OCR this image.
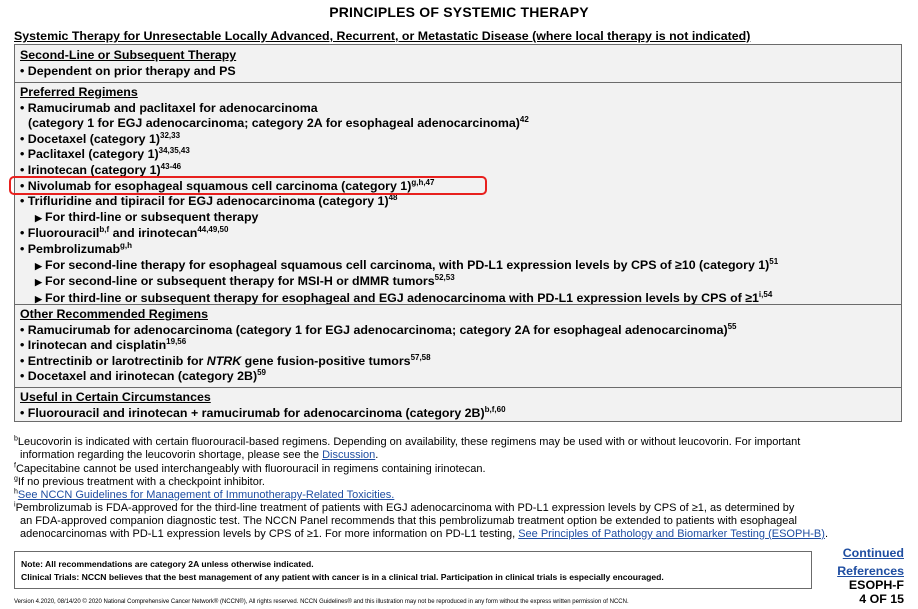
PRINCIPLES OF SYSTEMIC THERAPY
Systemic Therapy for Unresectable Locally Advanced, Recurrent, or Metastatic Disease (where local therapy is not indicated)
Second-Line or Subsequent Therapy
• Dependent on prior therapy and PS
Preferred Regimens
• Ramucirumab and paclitaxel for adenocarcinoma
(category 1 for EGJ adenocarcinoma; category 2A for esophageal adenocarcinoma)$^{42}$
• Docetaxel (category 1)$^{32,33}$
• Paclitaxel (category 1)$^{34,35,43}$
• Irinotecan (category 1)$^{43-46}$
• Nivolumab for esophageal squamous cell carcinoma (category 1)$^{g,h,47}$
• Trifluridine and tipiracil for EGJ adenocarcinoma (category 1)$^{48}$
▶ For third-line or subsequent therapy
• Fluorouracil$^{b,f}$ and irinotecan$^{44,49,50}$
• Pembrolizumab$^{g,h}$
▶ For second-line therapy for esophageal squamous cell carcinoma, with PD-L1 expression levels by CPS of ≥10 (category 1)$^{51}$
▶ For second-line or subsequent therapy for MSI-H or dMMR tumors$^{52,53}$
▶ For third-line or subsequent therapy for esophageal and EGJ adenocarcinoma with PD-L1 expression levels by CPS of $\ge 1^{i,54}$
Other Recommended Regimens
• Ramucirumab for adenocarcinoma (category 1 for EGJ adenocarcinoma; category 2A for esophageal adenocarcinoma)$^{55}$
• Irinotecan and cisplatin$^{19,56}$
• Entrectinib or larotrectinib for NTRK gene fusion-positive tumors$^{57,58}$
• Docetaxel and irinotecan (category 2B)$^{59}$
Useful in Certain Circumstances
• Fluorouracil and irinotecan + ramucirumab for adenocarcinoma (category 2B)$^{b,f,60}$
$^b$Leucovorin is indicated with certain fluorouracil-based regimens. Depending on availability, these regimens may be used with or without leucovorin. For important
information regarding the leucovorin shortage, please see the Discussion.
$^f$Capecitabine cannot be used interchangeably with fluorouracil in regimens containing irinotecan.
$^g$If no previous treatment with a checkpoint inhibitor.
$^h$See NCCN Guidelines for Management of Immunotherapy-Related Toxicities.
$^i$Pembrolizumab is FDA-approved for the third-line treatment of patients with EGJ adenocarcinoma with PD-L1 expression levels by CPS of ≥1, as determined by
an FDA-approved companion diagnostic test. The NCCN Panel recommends that this pembrolizumab treatment option be extended to patients with esophageal
adenocarcinomas with PD-L1 expression levels by CPS of ≥1. For more information on PD-L1 testing, See Principles of Pathology and Biomarker Testing (ESOPH-B).
Note: All recommendations are category 2A unless otherwise indicated.
Clinical Trials: NCCN believes that the best management of any patient with cancer is in a clinical trial. Participation in clinical trials is especially encouraged.
Continued
References
ESOPH-F
4 OF 15
Version 4.2020, 08/14/20 © 2020 National Comprehensive Cancer Network® (NCCN®), All rights reserved. NCCN Guidelines® and this illustration may not be reproduced in any form without the express written permission of NCCN.
